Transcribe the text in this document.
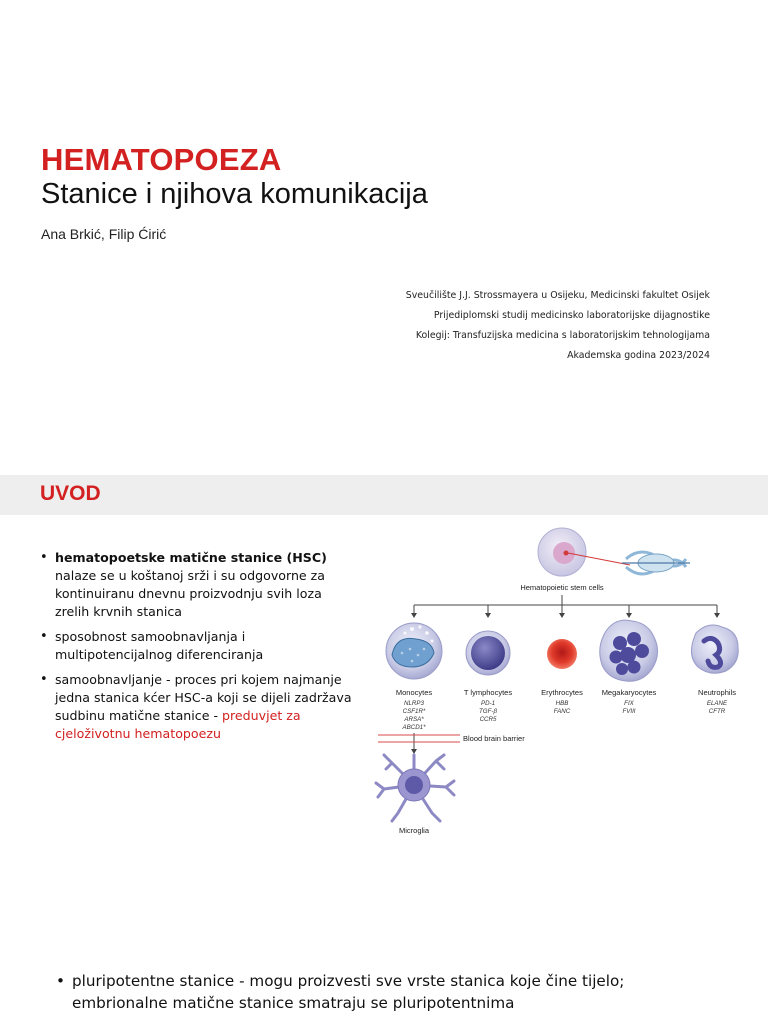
HEMATOPOEZA
Stanice i njihova komunikacija
Ana Brkić, Filip Ćirić
Sveučilište J.J. Strossmayera u Osijeku, Medicinski fakultet Osijek
Prijediplomski studij medicinsko laboratorijske dijagnostike
Kolegij: Transfuzijska medicina s laboratorijskim tehnologijama
Akademska godina 2023/2024
UVOD
• hematopoetske matične stanice (HSC) nalaze se u koštanoj srži i su odgovorne za kontinuiranu dnevnu proizvodnju svih loza zrelih krvnih stanica
• sposobnost samoobnavljanja i multipotencijalnog diferenciranja
• samoobnavljanje - proces pri kojem najmanje jedna stanica kćer HSC-a koji se dijeli zadržava sudbinu matične stanice - preduvjet za cjeloživotnu hematopoezu
Hematopoietic stem cells
Monocytes	T lymphocytes	Erythrocytes	Megakaryocytes	Neutrophils
NLRP3
CSF1R*
ARSA*
ABCD1*
PD-1
TGF-β
CCR5
HBB
FANC
FIX
FVIII
ELANE
CFTR
Blood brain barrier
Microglia
• pluripotentne stanice - mogu proizvesti sve vrste stanica koje čine tijelo; embrionalne matične stanice smatraju se pluripotentnima
